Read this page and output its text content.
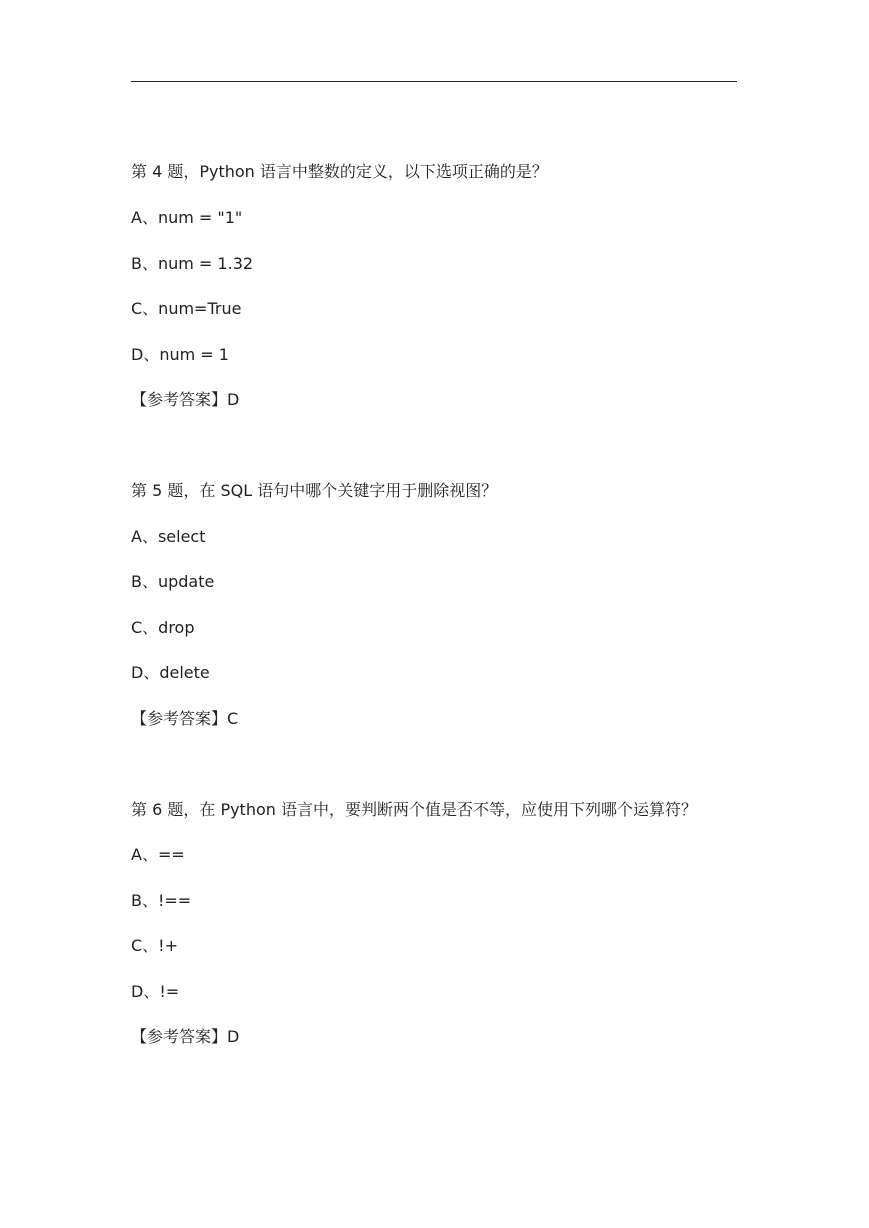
第 4 题，Python 语言中整数的定义，以下选项正确的是？
A、num = "1"
B、num = 1.32
C、num=True
D、num = 1
【参考答案】D
第 5 题，在 SQL 语句中哪个关键字用于删除视图？
A、select
B、update
C、drop
D、delete
【参考答案】C
第 6 题，在 Python 语言中，要判断两个值是否不等，应使用下列哪个运算符？
A、==
B、!==
C、!+
D、!=
【参考答案】D
